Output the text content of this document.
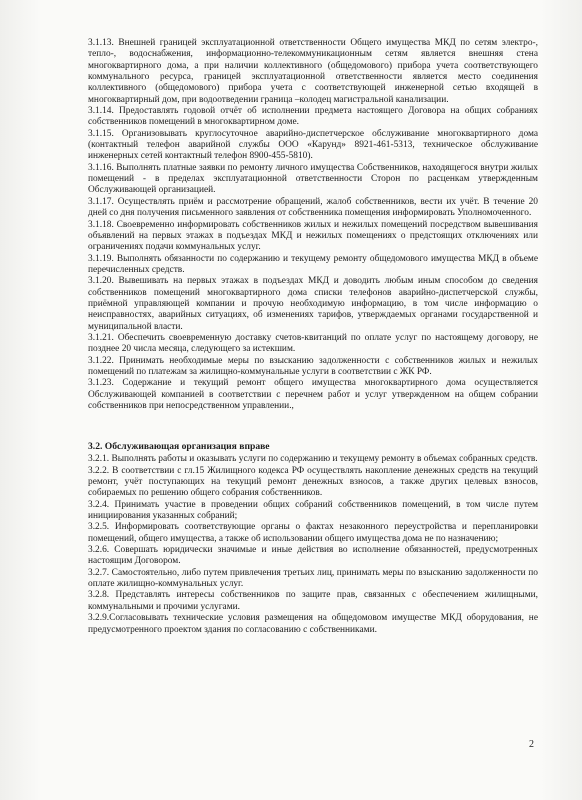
3.1.13. Внешней границей эксплуатационной ответственности Общего имущества МКД по сетям электро-, тепло-, водоснабжения, информационно-телекоммуникационным сетям является внешняя стена многоквартирного дома, а при наличии коллективного (общедомового) прибора учета соответствующего коммунального ресурса, границей эксплуатационной ответственности является место соединения коллективного (общедомового) прибора учета с соответствующей инженерной сетью входящей в многоквартирный дом, при водоотведении граница –колодец магистральной канализации.

3.1.14. Предоставлять годовой отчёт об исполнении предмета настоящего Договора на общих собраниях собственников помещений в многоквартирном доме.

3.1.15. Организовывать круглосуточное аварийно-диспетчерское обслуживание многоквартирного дома (контактный телефон аварийной службы ООО «Карунд» 8921-461-5313, техническое обслуживание инженерных сетей контактный телефон 8900-455-5810).

3.1.16. Выполнять платные заявки по ремонту личного имущества Собственников, находящегося внутри жилых помещений - в пределах эксплуатационной ответственности Сторон по расценкам утвержденным Обслуживающей организацией.

3.1.17. Осуществлять приём и рассмотрение обращений, жалоб собственников, вести их учёт. В течение 20 дней со дня получения письменного заявления от собственника помещения информировать Уполномоченного.

3.1.18. Своевременно информировать собственников жилых и нежилых помещений посредством вывешивания объявлений на первых этажах в подъездах МКД и нежилых помещениях о предстоящих отключениях или ограничениях подачи коммунальных услуг.

3.1.19. Выполнять обязанности по содержанию и текущему ремонту общедомового имущества МКД в объеме перечисленных средств.

3.1.20. Вывешивать на первых этажах в подъездах МКД и доводить любым иным способом до сведения собственников помещений многоквартирного дома списки телефонов аварийно-диспетчерской службы, приёмной управляющей компании и прочую необходимую информацию, в том числе информацию о неисправностях, аварийных ситуациях, об изменениях тарифов, утверждаемых органами государственной и муниципальной власти.

3.1.21. Обеспечить своевременную доставку счетов-квитанций по оплате услуг по настоящему договору, не позднее 20 числа месяца, следующего за истекшим.

3.1.22. Принимать необходимые меры по взысканию задолженности с собственников жилых и нежилых помещений по платежам за жилищно-коммунальные услуги в соответствии с ЖК РФ.

3.1.23. Содержание и текущий ремонт общего имущества многоквартирного дома осуществляется Обслуживающей компанией в соответствии с перечнем работ и услуг утвержденном на общем собрании собственников при непосредственном управлении.,

3.2. Обслуживающая организация вправе

3.2.1. Выполнять работы и оказывать услуги по содержанию и текущему ремонту в объемах собранных средств.

3.2.2. В соответствии с гл.15 Жилищного кодекса РФ осуществлять накопление денежных средств на текущий ремонт, учёт поступающих на текущий ремонт денежных взносов, а также других целевых взносов, собираемых по решению общего собрания собственников.

3.2.4. Принимать участие в проведении общих собраний собственников помещений, в том числе путем инициирования указанных собраний;

3.2.5. Информировать соответствующие органы о фактах незаконного переустройства и перепланировки помещений, общего имущества, а также об использовании общего имущества дома не по назначению;

3.2.6. Совершать юридически значимые и иные действия во исполнение обязанностей, предусмотренных настоящим Договором.

3.2.7. Самостоятельно, либо путем привлечения третьих лиц, принимать меры по взысканию задолженности по оплате жилищно-коммунальных услуг.

3.2.8. Представлять интересы собственников по защите прав, связанных с обеспечением жилищными, коммунальными и прочими услугами.

3.2.9.Согласовывать технические условия размещения на общедомовом имуществе МКД оборудования, не предусмотренного проектом здания по согласованию с собственниками.

2
